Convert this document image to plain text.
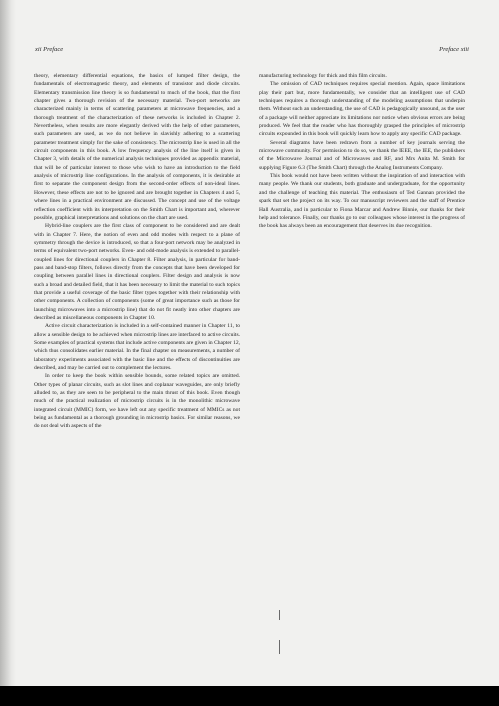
xii Preface	Preface xiii

theory, elementary differential equations, the basics of lumped filter design, the fundamentals of electromagnetic theory, and elements of transistor and diode circuits. Elementary transmission line theory is so fundamental to much of the book, that the first chapter gives a thorough revision of the necessary material. Two-port networks are characterized mainly in terms of scattering parameters at microwave frequencies, and a thorough treatment of the characterization of these networks is included in Chapter 2. Nevertheless, when results are more elegantly derived with the help of other parameters, such parameters are used, as we do not believe in slavishly adhering to a scattering parameter treatment simply for the sake of consistency. The microstrip line is used in all the circuit components in this book. A low frequency analysis of the line itself is given in Chapter 3, with details of the numerical analysis techniques provided as appendix material, that will be of particular interest to those who wish to have an introduction to the field analysis of microstrip line configurations. In the analysis of components, it is desirable at first to separate the component design from the second-order effects of non-ideal lines. However, these effects are not to be ignored and are brought together in Chapters 4 and 5, where lines in a practical environment are discussed. The concept and use of the voltage reflection coefficient with its interpretation on the Smith Chart is important and, wherever possible, graphical interpretations and solutions on the chart are used.

Hybrid-line couplers are the first class of component to be considered and are dealt with in Chapter 7. Here, the notion of even and odd modes with respect to a plane of symmetry through the device is introduced, so that a four-port network may be analyzed in terms of equivalent two-port networks. Even- and odd-mode analysis is extended to parallel-coupled lines for directional couplers in Chapter 8. Filter analysis, in particular for band-pass and band-stop filters, follows directly from the concepts that have been developed for coupling between parallel lines in directional couplers. Filter design and analysis is now such a broad and detailed field, that it has been necessary to limit the material to such topics that provide a useful coverage of the basic filter types together with their relationship with other components. A collection of components (some of great importance such as those for launching microwaves into a microstrip line) that do not fit neatly into other chapters are described as miscellaneous components in Chapter 10.

Active circuit characterization is included in a self-contained manner in Chapter 11, to allow a sensible design to be achieved when microstrip lines are interfaced to active circuits. Some examples of practical systems that include active components are given in Chapter 12, which thus consolidates earlier material. In the final chapter on measurements, a number of laboratory experiments associated with the basic line and the effects of discontinuities are described, and may be carried out to complement the lectures.

In order to keep the book within sensible bounds, some related topics are omitted. Other types of planar circuits, such as slot lines and coplanar waveguides, are only briefly alluded to, as they are seen to be peripheral to the main thrust of this book. Even though much of the practical realization of microstrip circuits is in the monolithic microwave integrated circuit (MMIC) form, we have left out any specific treatment of MMICs as not being as fundamental as a thorough grounding in microstrip basics. For similar reasons, we do not deal with aspects of the

manufacturing technology for thick and thin film circuits.

The omission of CAD techniques requires special mention. Again, space limitations play their part but, more fundamentally, we consider that an intelligent use of CAD techniques requires a thorough understanding of the modeling assumptions that underpin them. Without such an understanding, the use of CAD is pedagogically unsound, as the user of a package will neither appreciate its limitations nor notice when obvious errors are being produced. We feel that the reader who has thoroughly grasped the principles of microstrip circuits expounded in this book will quickly learn how to apply any specific CAD package.

Several diagrams have been redrawn from a number of key journals serving the microwave community. For permission to do so, we thank the IEEE, the IEE, the publishers of the Microwave Journal and of Microwaves and RF, and Mrs Anita M. Smith for supplying Figure 6.3 (The Smith Chart) through the Analog Instruments Company.

This book would not have been written without the inspiration of and interaction with many people. We thank our students, both graduate and undergraduate, for the opportunity and the challenge of teaching this material. The enthusiasm of Ted Gannan provided the spark that set the project on its way. To our manuscript reviewers and the staff of Prentice Hall Australia, and in particular to Fiona Marcar and Andrew Binnie, our thanks for their help and tolerance. Finally, our thanks go to our colleagues whose interest in the progress of the book has always been an encouragement that deserves its due recognition.
